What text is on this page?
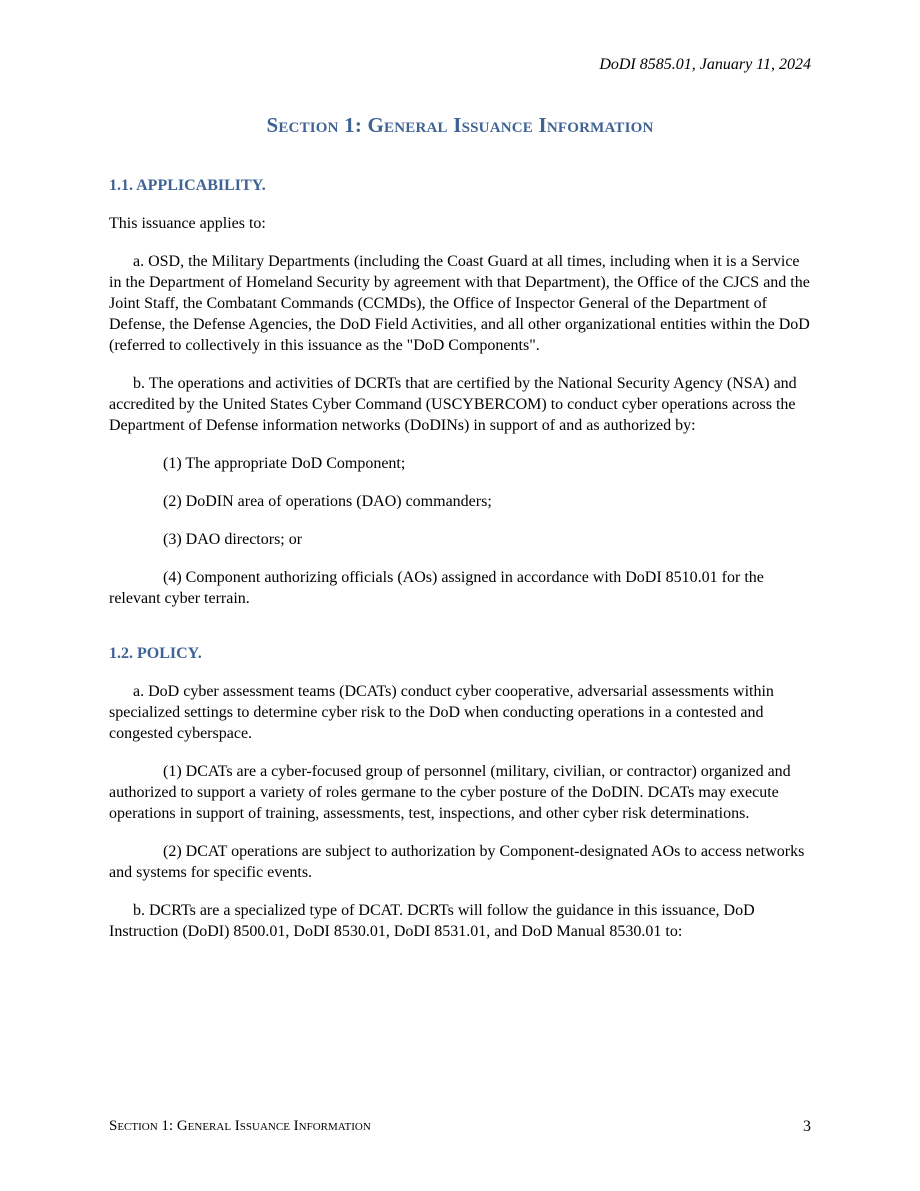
DoDI 8585.01, January 11, 2024
Section 1: General Issuance Information

1.1. APPLICABILITY.

This issuance applies to:

a. OSD, the Military Departments (including the Coast Guard at all times, including when it is a Service in the Department of Homeland Security by agreement with that Department), the Office of the CJCS and the Joint Staff, the Combatant Commands (CCMDs), the Office of Inspector General of the Department of Defense, the Defense Agencies, the DoD Field Activities, and all other organizational entities within the DoD (referred to collectively in this issuance as the "DoD Components".

b. The operations and activities of DCRTs that are certified by the National Security Agency (NSA) and accredited by the United States Cyber Command (USCYBERCOM) to conduct cyber operations across the Department of Defense information networks (DoDINs) in support of and as authorized by:

(1) The appropriate DoD Component;

(2) DoDIN area of operations (DAO) commanders;

(3) DAO directors; or

(4) Component authorizing officials (AOs) assigned in accordance with DoDI 8510.01 for the relevant cyber terrain.

1.2. POLICY.

a. DoD cyber assessment teams (DCATs) conduct cyber cooperative, adversarial assessments within specialized settings to determine cyber risk to the DoD when conducting operations in a contested and congested cyberspace.

(1) DCATs are a cyber-focused group of personnel (military, civilian, or contractor) organized and authorized to support a variety of roles germane to the cyber posture of the DoDIN. DCATs may execute operations in support of training, assessments, test, inspections, and other cyber risk determinations.

(2) DCAT operations are subject to authorization by Component-designated AOs to access networks and systems for specific events.

b. DCRTs are a specialized type of DCAT. DCRTs will follow the guidance in this issuance, DoD Instruction (DoDI) 8500.01, DoDI 8530.01, DoDI 8531.01, and DoD Manual 8530.01 to:

Section 1: General Issuance Information	3
